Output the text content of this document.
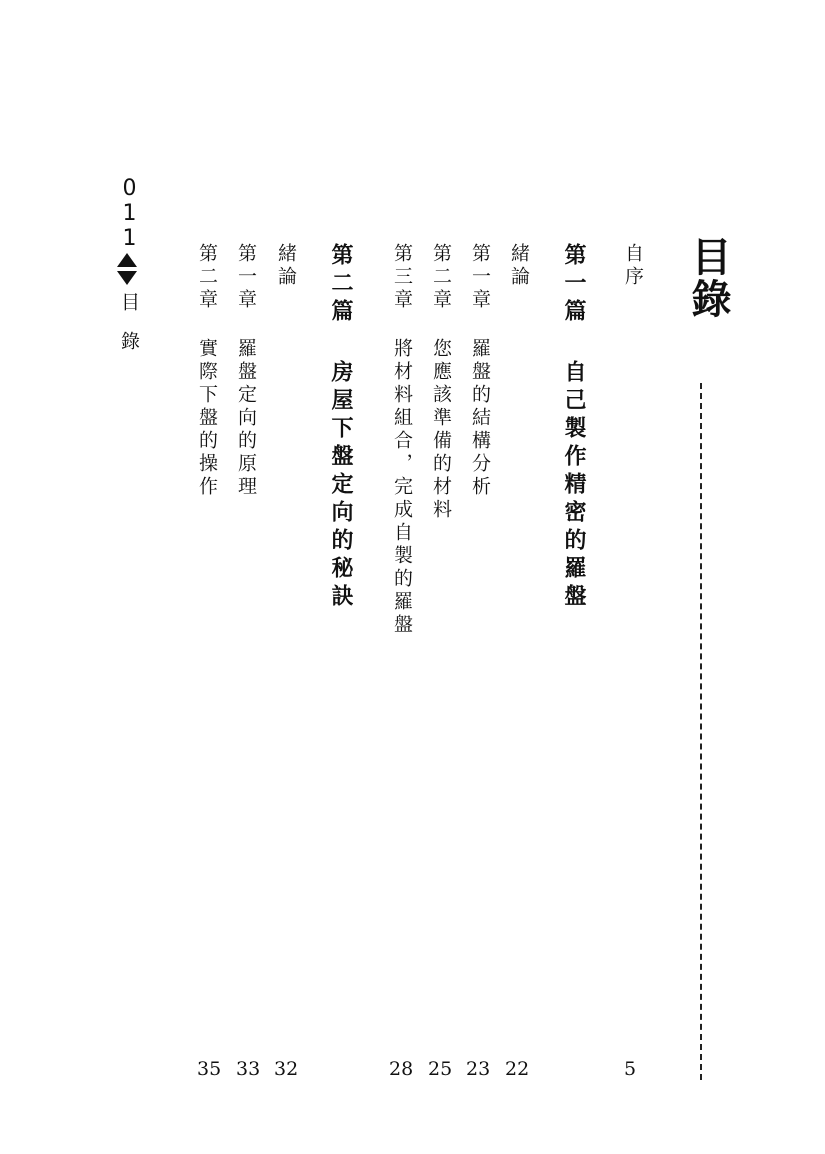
目錄
自序
5
第一篇
自己製作精密的羅盤
緒論
22
第一章
羅盤的結構分析
23
第二章
您應該準備的材料
25
第三章
將材料組合，完成自製的羅盤
28
第二篇
房屋下盤定向的秘訣
緒論
32
第一章
羅盤定向的原理
33
第二章
實際下盤的操作
35
011
目錄
